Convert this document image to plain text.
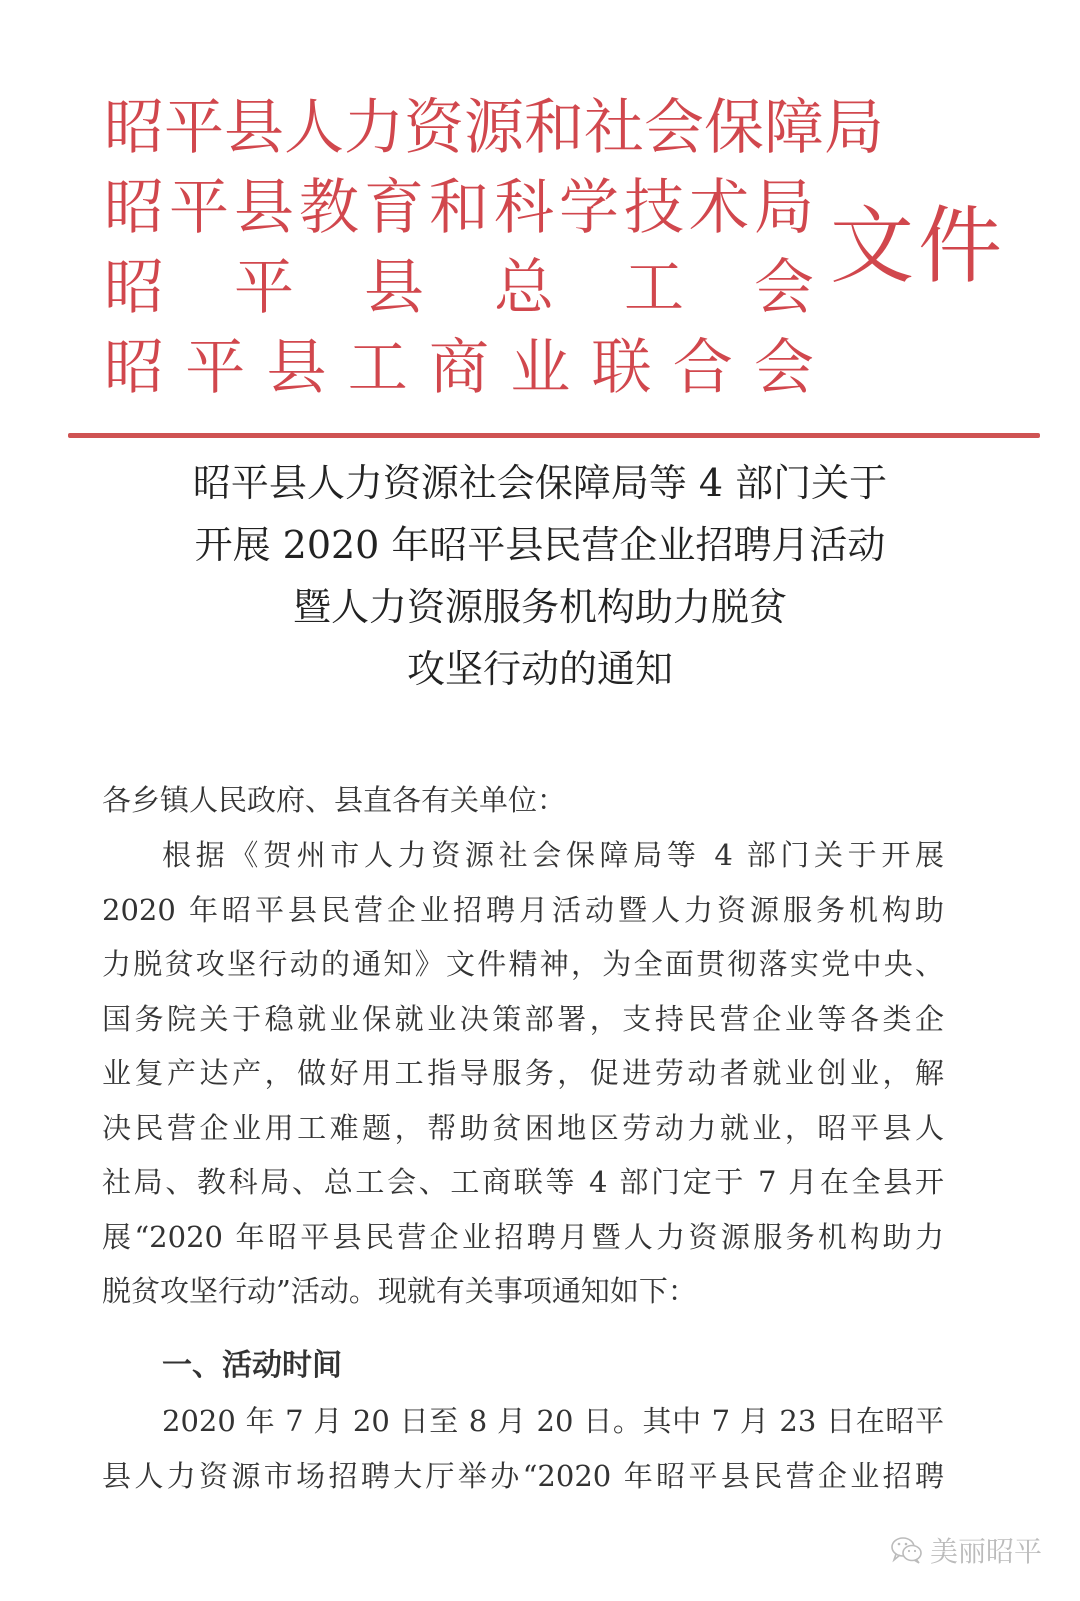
昭平县人力资源和社会保障局
昭平县教育和科学技术局
昭 平 县 总 工 会
昭平县工商业联合会
文件
昭平县人力资源社会保障局等 4 部门关于
开展 2020 年昭平县民营企业招聘月活动
暨人力资源服务机构助力脱贫
攻坚行动的通知
各乡镇人民政府、县直各有关单位：
根据《贺州市人力资源社会保障局等 4 部门关于开展
2020 年昭平县民营企业招聘月活动暨人力资源服务机构助
力脱贫攻坚行动的通知》文件精神，为全面贯彻落实党中央、
国务院关于稳就业保就业决策部署，支持民营企业等各类企
业复产达产，做好用工指导服务，促进劳动者就业创业，解
决民营企业用工难题，帮助贫困地区劳动力就业，昭平县人
社局、教科局、总工会、工商联等 4 部门定于 7 月在全县开
展“2020 年昭平县民营企业招聘月暨人力资源服务机构助力
脱贫攻坚行动”活动。现就有关事项通知如下：
一、活动时间
2020 年 7 月 20 日至 8 月 20 日。其中 7 月 23 日在昭平
县人力资源市场招聘大厅举办“2020 年昭平县民营企业招聘
美丽昭平
